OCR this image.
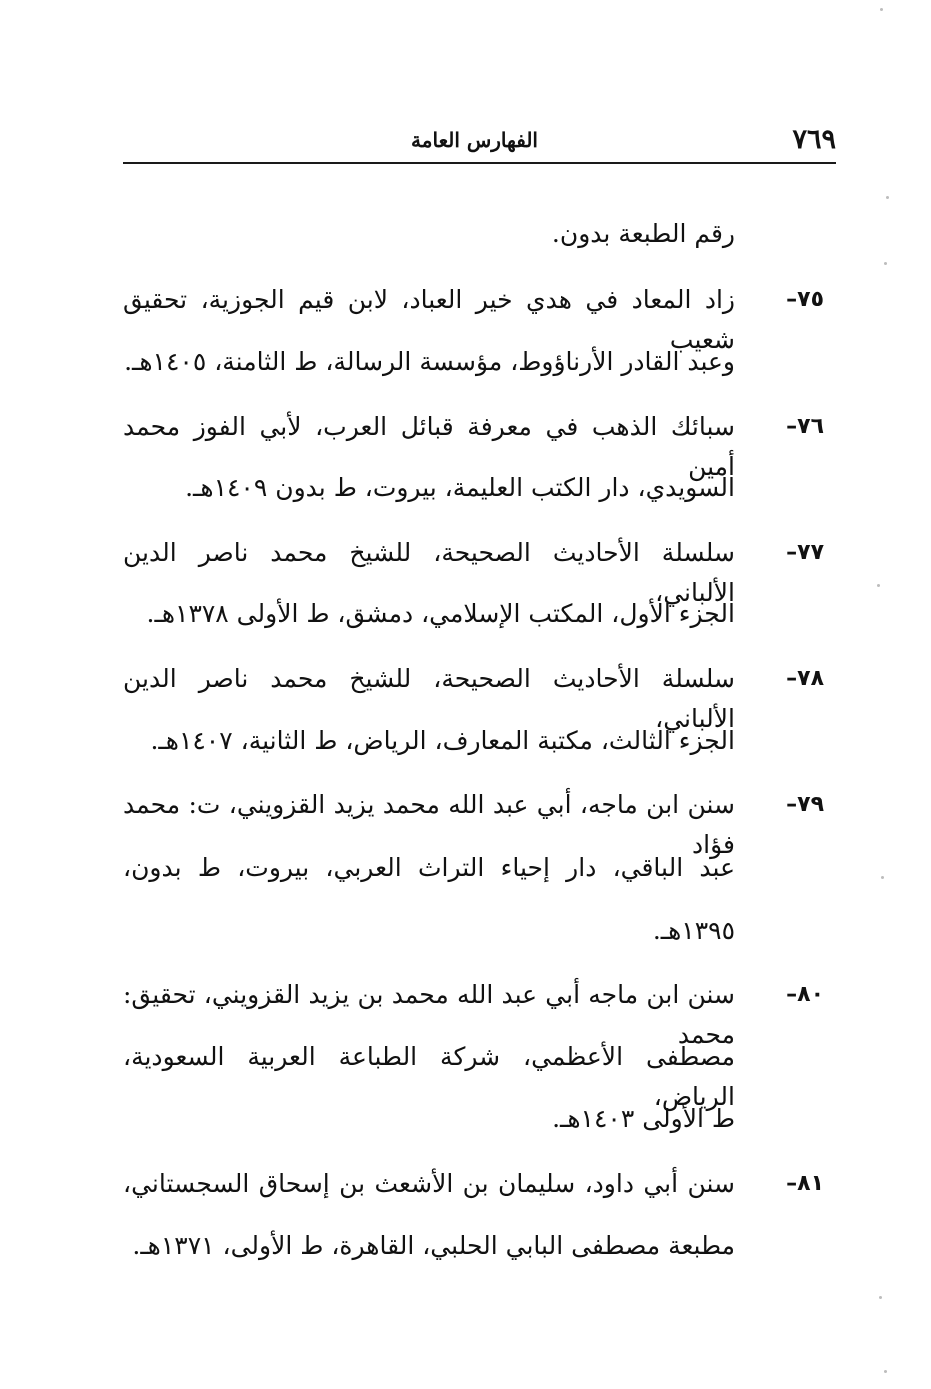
٧٦٩
الفهارس العامة
رقم الطبعة بدون.
٧٥–
زاد المعاد في هدي خير العباد، لابن قيم الجوزية، تحقيق شعيب
وعبد القادر الأرناؤوط، مؤسسة الرسالة، ط الثامنة، ١٤٠٥هـ.
٧٦–
سبائك الذهب في معرفة قبائل العرب، لأبي الفوز محمد أمين
السويدي، دار الكتب العليمة، بيروت، ط بدون ١٤٠٩هـ.
٧٧–
سلسلة الأحاديث الصحيحة، للشيخ محمد ناصر الدين الألباني،
الجزء الأول، المكتب الإسلامي، دمشق، ط الأولى ١٣٧٨هـ.
٧٨–
سلسلة الأحاديث الصحيحة، للشيخ محمد ناصر الدين الألباني،
الجزء الثالث، مكتبة المعارف، الرياض، ط الثانية، ١٤٠٧هـ.
٧٩–
سنن ابن ماجه، أبي عبد الله محمد يزيد القزويني، ت: محمد فؤاد
عبد الباقي، دار إحياء التراث العربي، بيروت، ط بدون،
١٣٩٥هـ.
٨٠–
سنن ابن ماجه أبي عبد الله محمد بن يزيد القزويني، تحقيق: محمد
مصطفى الأعظمي، شركة الطباعة العربية السعودية، الرياض،
ط الأولى ١٤٠٣هـ.
٨١–
سنن أبي داود، سليمان بن الأشعث بن إسحاق السجستاني،
مطبعة مصطفى البابي الحلبي، القاهرة، ط الأولى، ١٣٧١هـ.
